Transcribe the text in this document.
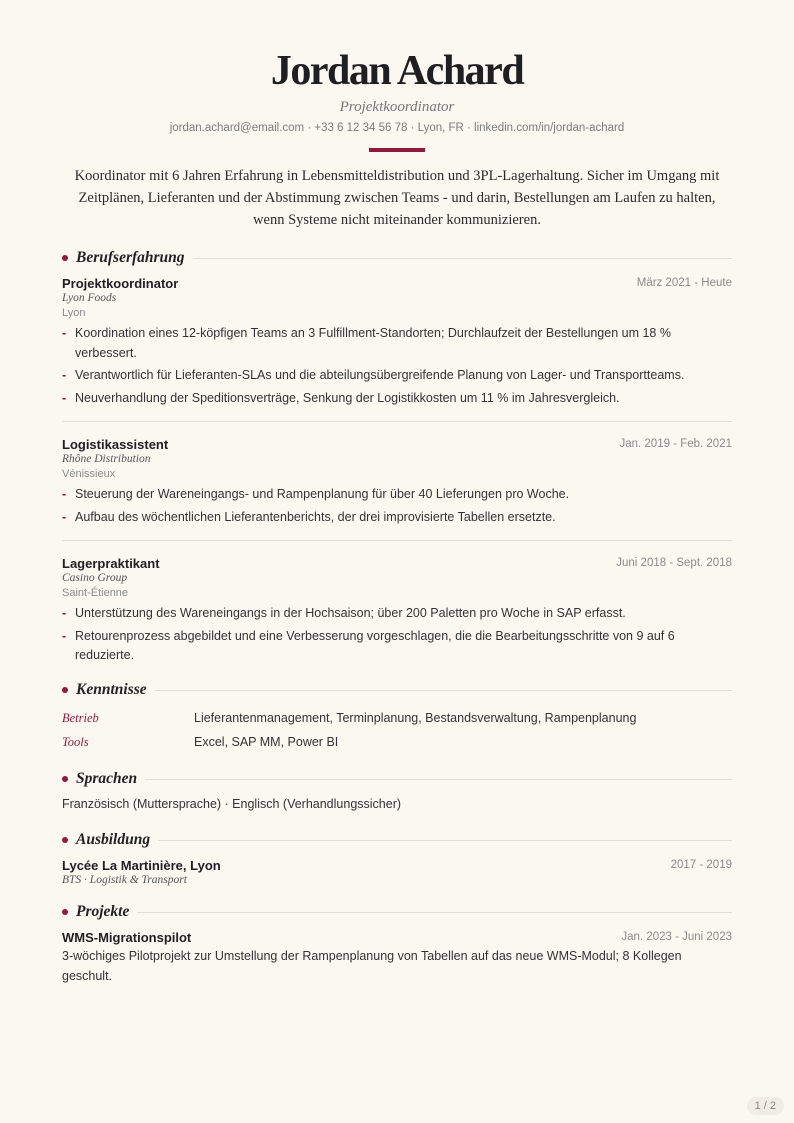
Jordan Achard
Projektkoordinator
jordan.achard@email.com · +33 6 12 34 56 78 · Lyon, FR · linkedin.com/in/jordan-achard
Koordinator mit 6 Jahren Erfahrung in Lebensmitteldistribution und 3PL-Lagerhaltung. Sicher im Umgang mit Zeitplänen, Lieferanten und der Abstimmung zwischen Teams - und darin, Bestellungen am Laufen zu halten, wenn Systeme nicht miteinander kommunizieren.
Berufserfahrung
Projektkoordinator	März 2021 - Heute
Lyon Foods
Lyon
- Koordination eines 12-köpfigen Teams an 3 Fulfillment-Standorten; Durchlaufzeit der Bestellungen um 18 % verbessert.
- Verantwortlich für Lieferanten-SLAs und die abteilungsübergreifende Planung von Lager- und Transportteams.
- Neuverhandlung der Speditionsverträge, Senkung der Logistikkosten um 11 % im Jahresvergleich.
Logistikassistent	Jan. 2019 - Feb. 2021
Rhône Distribution
Vénissieux
- Steuerung der Wareneingangs- und Rampenplanung für über 40 Lieferungen pro Woche.
- Aufbau des wöchentlichen Lieferantenberichts, der drei improvisierte Tabellen ersetzte.
Lagerpraktikant	Juni 2018 - Sept. 2018
Casino Group
Saint-Étienne
- Unterstützung des Wareneingangs in der Hochsaison; über 200 Paletten pro Woche in SAP erfasst.
- Retourenprozess abgebildet und eine Verbesserung vorgeschlagen, die die Bearbeitungsschritte von 9 auf 6 reduzierte.
Kenntnisse
Betrieb	Lieferantenmanagement, Terminplanung, Bestandsverwaltung, Rampenplanung
Tools	Excel, SAP MM, Power BI
Sprachen
Französisch (Muttersprache) · Englisch (Verhandlungssicher)
Ausbildung
Lycée La Martinière, Lyon	2017 - 2019
BTS · Logistik & Transport
Projekte
WMS-Migrationspilot	Jan. 2023 - Juni 2023
3-wöchiges Pilotprojekt zur Umstellung der Rampenplanung von Tabellen auf das neue WMS-Modul; 8 Kollegen geschult.
1 / 2
